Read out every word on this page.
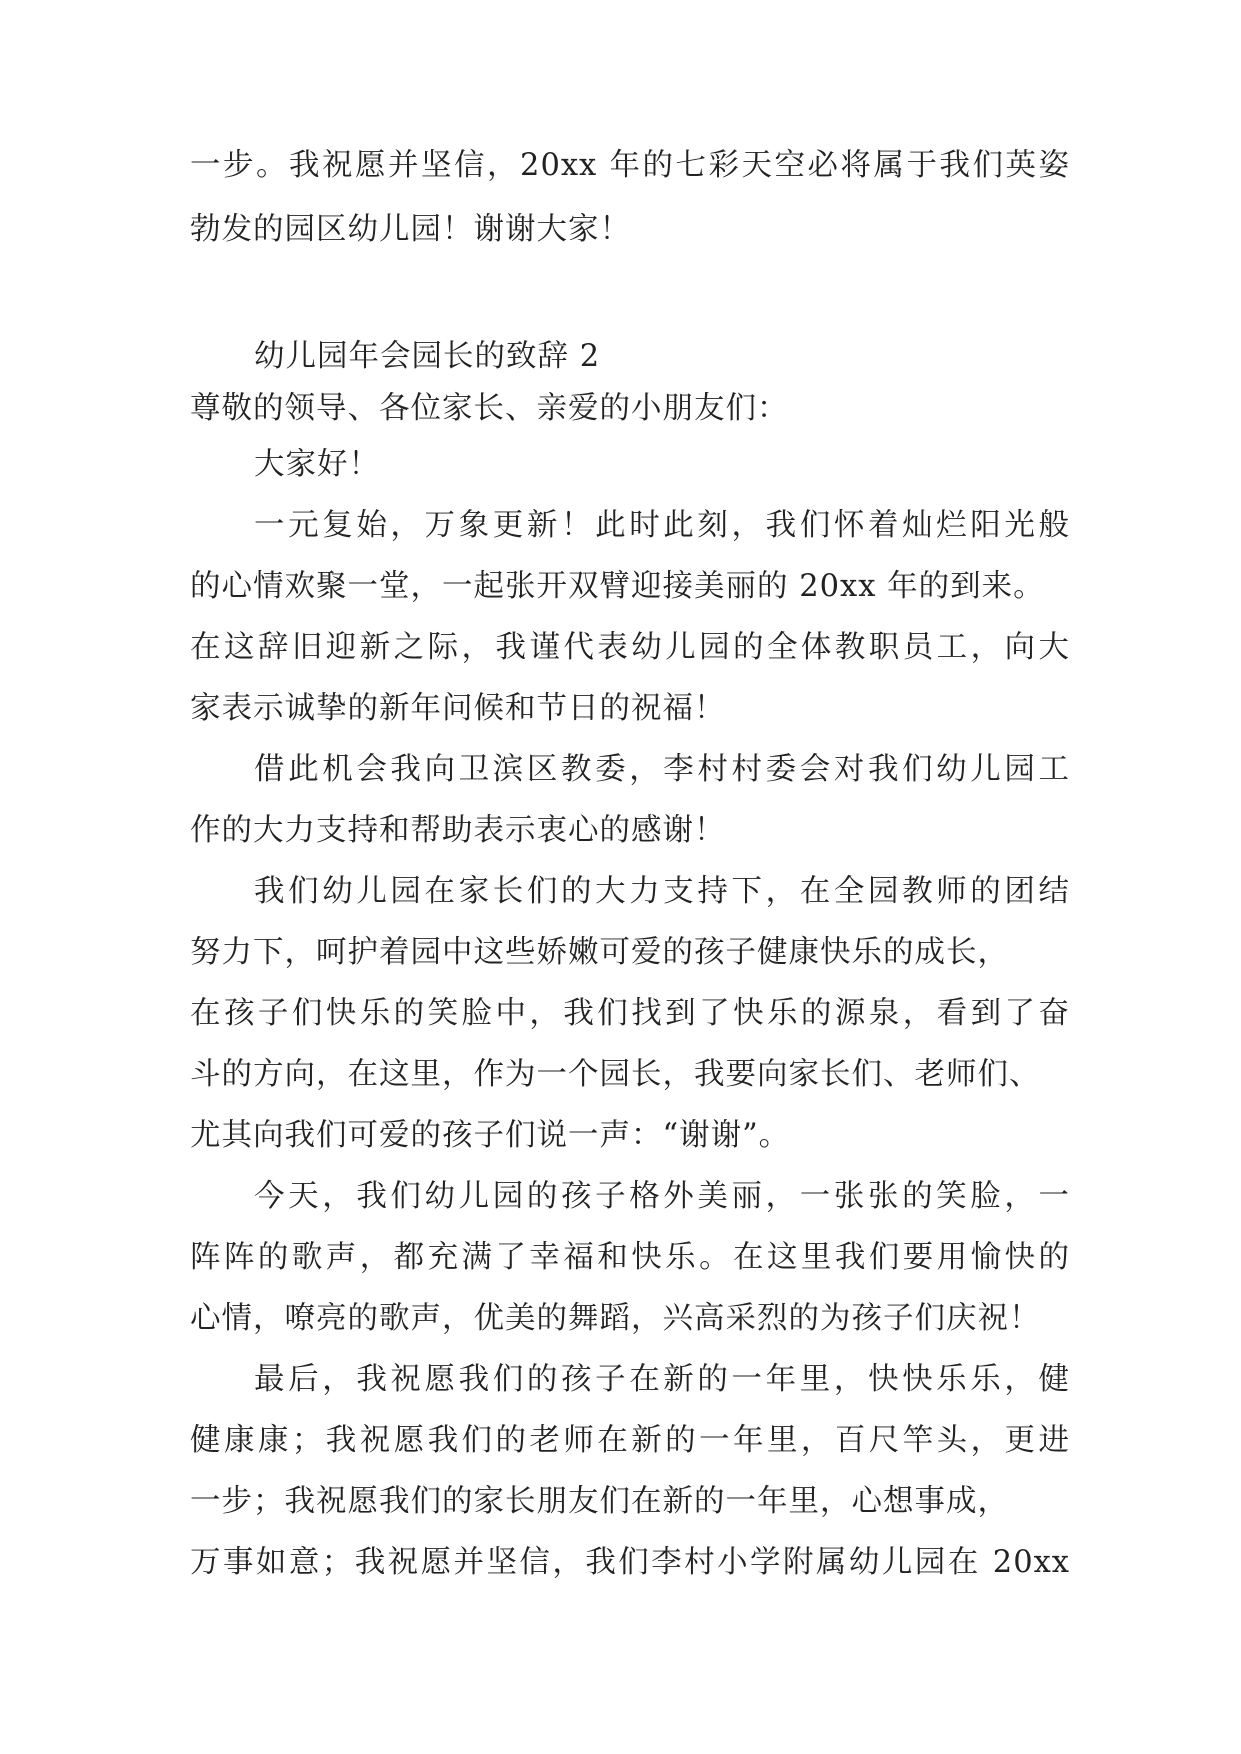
一步。我祝愿并坚信，20xx 年的七彩天空必将属于我们英姿
勃发的园区幼儿园！谢谢大家！
幼儿园年会园长的致辞 2
尊敬的领导、各位家长、亲爱的小朋友们：
大家好！
一元复始，万象更新！此时此刻，我们怀着灿烂阳光般
的心情欢聚一堂，一起张开双臂迎接美丽的 20xx 年的到来。
在这辞旧迎新之际，我谨代表幼儿园的全体教职员工，向大
家表示诚挚的新年问候和节日的祝福！
借此机会我向卫滨区教委，李村村委会对我们幼儿园工
作的大力支持和帮助表示衷心的感谢！
我们幼儿园在家长们的大力支持下，在全园教师的团结
努力下，呵护着园中这些娇嫩可爱的孩子健康快乐的成长，
在孩子们快乐的笑脸中，我们找到了快乐的源泉，看到了奋
斗的方向，在这里，作为一个园长，我要向家长们、老师们、
尤其向我们可爱的孩子们说一声：“谢谢”。
今天，我们幼儿园的孩子格外美丽，一张张的笑脸，一
阵阵的歌声，都充满了幸福和快乐。在这里我们要用愉快的
心情，嘹亮的歌声，优美的舞蹈，兴高采烈的为孩子们庆祝！
最后，我祝愿我们的孩子在新的一年里，快快乐乐，健
健康康；我祝愿我们的老师在新的一年里，百尺竿头，更进
一步；我祝愿我们的家长朋友们在新的一年里，心想事成，
万事如意；我祝愿并坚信，我们李村小学附属幼儿园在 20xx
